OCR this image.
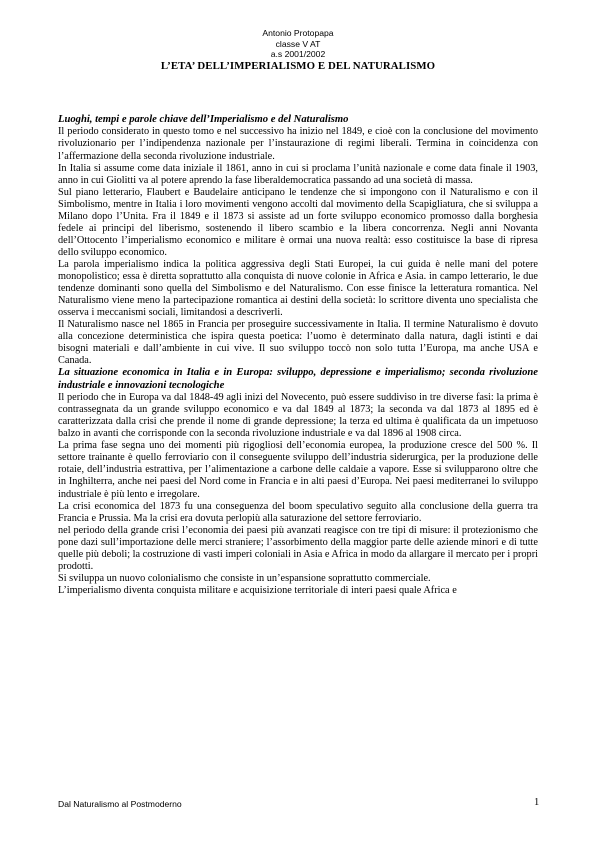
Antonio Protopapa
classe V AT
a.s 2001/2002
L’ETA’ DELL’IMPERIALISMO E DEL NATURALISMO

Luoghi, tempi e parole chiave dell’Imperialismo e del Naturalismo

Il periodo considerato in questo tomo e nel successivo ha inizio nel 1849, e cioè con la conclusione del movimento rivoluzionario per l’indipendenza nazionale per l’instaurazione di regimi liberali. Termina in coincidenza con l’affermazione della seconda rivoluzione industriale.

In Italia si assume come data iniziale il 1861, anno in cui si proclama l’unità nazionale e come data finale il 1903, anno in cui Giolitti va al potere aprendo la fase liberaldemocratica passando ad una società di massa.

Sul piano letterario, Flaubert e Baudelaire anticipano le tendenze che si impongono con il Naturalismo e con il Simbolismo, mentre in Italia i loro movimenti vengono accolti dal movimento della Scapigliatura, che si sviluppa a Milano dopo l’Unita. Fra il 1849 e il 1873 si assiste ad un forte sviluppo economico promosso dalla borghesia fedele ai principi del liberismo, sostenendo il libero scambio e la libera concorrenza. Negli anni Novanta dell’Ottocento l’imperialismo economico e militare è ormai una nuova realtà: esso costituisce la base di ripresa dello sviluppo economico.

La parola imperialismo indica la politica aggressiva degli Stati Europei, la cui guida è nelle mani del potere monopolistico; essa è diretta soprattutto alla conquista di nuove colonie in Africa e Asia. in campo letterario, le due tendenze dominanti sono quella del Simbolismo e del Naturalismo. Con esse finisce la letteratura romantica. Nel Naturalismo viene meno la partecipazione romantica ai destini della società: lo scrittore diventa uno specialista che osserva i meccanismi sociali, limitandosi a descriverli.

Il Naturalismo nasce nel 1865 in Francia per proseguire successivamente in Italia. Il termine Naturalismo è dovuto alla concezione deterministica che ispira questa poetica: l’uomo è determinato dalla natura, dagli istinti e dai bisogni materiali e dall’ambiente in cui vive. Il suo sviluppo toccò non solo tutta l’Europa, ma anche USA e Canada.

La situazione economica in Italia e in Europa: sviluppo, depressione e imperialismo; seconda rivoluzione industriale e innovazioni tecnologiche

Il periodo che in Europa va dal 1848-49 agli inizi del Novecento, può essere suddiviso in tre diverse fasi: la prima è contrassegnata da un grande sviluppo economico e va dal 1849 al 1873; la seconda va dal 1873 al 1895 ed è caratterizzata dalla crisi che prende il nome di grande depressione; la terza ed ultima è qualificata da un impetuoso balzo in avanti che corrisponde con la seconda rivoluzione industriale e va dal 1896 al 1908 circa.

La prima fase segna uno dei momenti più rigogliosi dell’economia europea, la produzione cresce del 500 %. Il settore trainante è quello ferroviario con il conseguente sviluppo dell’industria siderurgica, per la produzione delle rotaie, dell’industria estrattiva, per l’alimentazione a carbone delle caldaie a vapore. Esse si svilupparono oltre che in Inghilterra, anche nei paesi del Nord come in Francia e in alti paesi d’Europa. Nei paesi mediterranei lo sviluppo industriale è più lento e irregolare.

La crisi economica del 1873 fu una conseguenza del boom speculativo seguito alla conclusione della guerra tra Francia e Prussia. Ma la crisi era dovuta perlopiù alla saturazione del settore ferroviario.

nel periodo della grande crisi l’economia dei paesi più avanzati reagisce con tre tipi di misure: il protezionismo che pone dazi sull’importazione delle merci straniere; l’assorbimento della maggior parte delle aziende minori e di tutte quelle più deboli; la costruzione di vasti imperi coloniali in Asia e Africa in modo da allargare il mercato per i propri prodotti.

Si sviluppa un nuovo colonialismo che consiste in un’espansione soprattutto commerciale.

L’imperialismo diventa conquista militare e acquisizione territoriale di interi paesi quale Africa e

Dal Naturalismo al Postmoderno	1
